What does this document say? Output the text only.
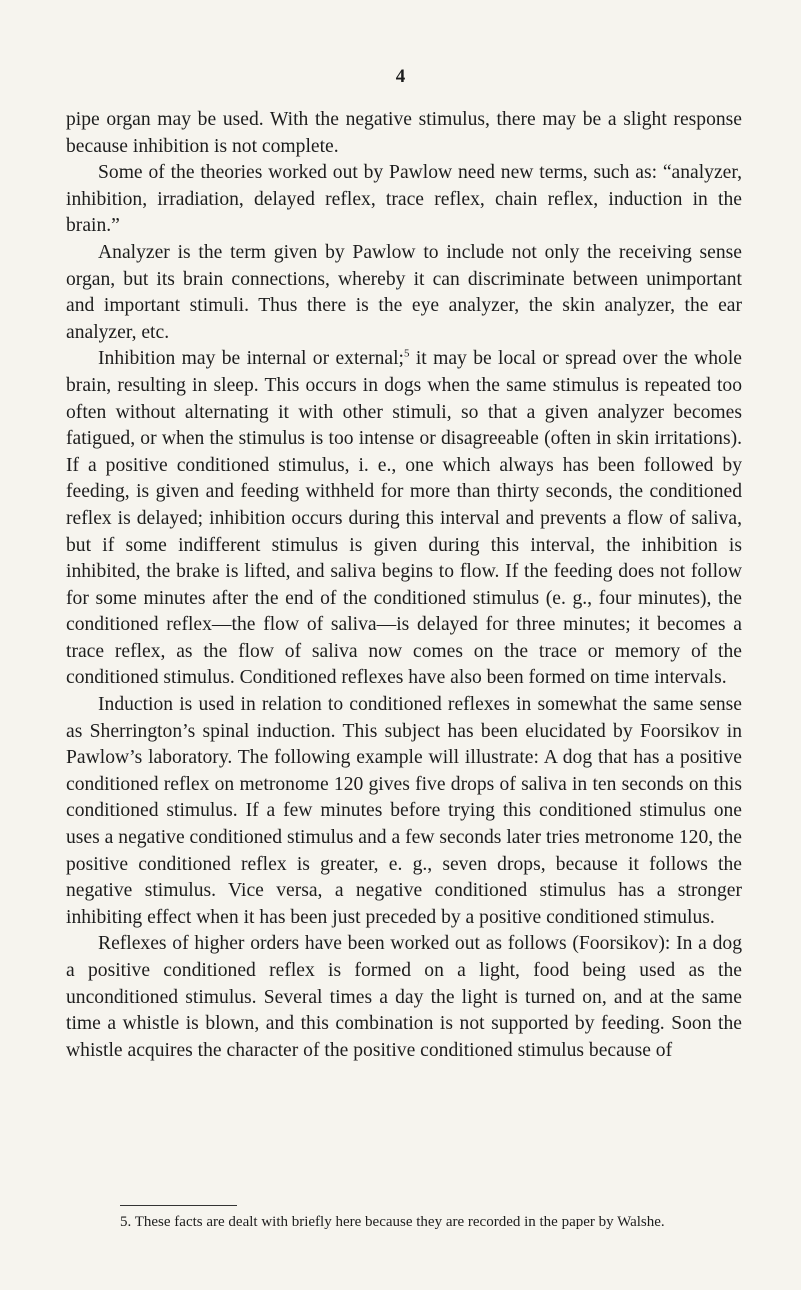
4

pipe organ may be used. With the negative stimulus, there may be a slight response because inhibition is not complete.

Some of the theories worked out by Pawlow need new terms, such as: “analyzer, inhibition, irradiation, delayed reflex, trace reflex, chain reflex, induction in the brain.”

Analyzer is the term given by Pawlow to include not only the receiving sense organ, but its brain connections, whereby it can discriminate between unimportant and important stimuli. Thus there is the eye analyzer, the skin analyzer, the ear analyzer, etc.

Inhibition may be internal or external;$^5$ it may be local or spread over the whole brain, resulting in sleep. This occurs in dogs when the same stimulus is repeated too often without alternating it with other stimuli, so that a given analyzer becomes fatigued, or when the stimulus is too intense or disagreeable (often in skin irritations). If a positive conditioned stimulus, i. e., one which always has been followed by feeding, is given and feeding withheld for more than thirty seconds, the conditioned reflex is delayed; inhibition occurs during this interval and prevents a flow of saliva, but if some indifferent stimulus is given during this interval, the inhibition is inhibited, the brake is lifted, and saliva begins to flow. If the feeding does not follow for some minutes after the end of the conditioned stimulus (e. g., four minutes), the conditioned reflex—the flow of saliva—is delayed for three minutes; it becomes a trace reflex, as the flow of saliva now comes on the trace or memory of the conditioned stimulus. Conditioned reflexes have also been formed on time intervals.

Induction is used in relation to conditioned reflexes in somewhat the same sense as Sherrington’s spinal induction. This subject has been elucidated by Foorsikov in Pawlow’s laboratory. The following example will illustrate: A dog that has a positive conditioned reflex on metronome 120 gives five drops of saliva in ten seconds on this conditioned stimulus. If a few minutes before trying this conditioned stimulus one uses a negative conditioned stimulus and a few seconds later tries metronome 120, the positive conditioned reflex is greater, e. g., seven drops, because it follows the negative stimulus. Vice versa, a negative conditioned stimulus has a stronger inhibiting effect when it has been just preceded by a positive conditioned stimulus.

Reflexes of higher orders have been worked out as follows (Foorsikov): In a dog a positive conditioned reflex is formed on a light, food being used as the unconditioned stimulus. Several times a day the light is turned on, and at the same time a whistle is blown, and this combination is not supported by feeding. Soon the whistle acquires the character of the positive conditioned stimulus because of

5. These facts are dealt with briefly here because they are recorded in the paper by Walshe.
